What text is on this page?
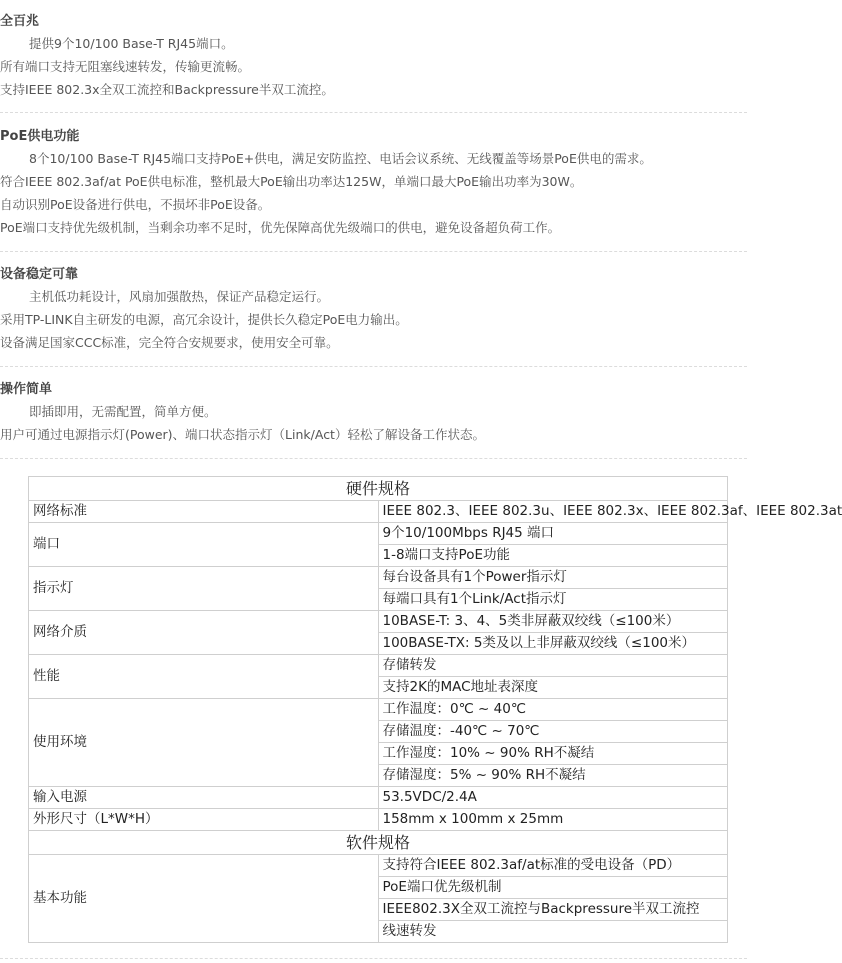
全百兆
提供9个10/100 Base-T RJ45端口。
所有端口支持无阻塞线速转发，传输更流畅。
支持IEEE 802.3x全双工流控和Backpressure半双工流控。
PoE供电功能
8个10/100 Base-T RJ45端口支持PoE+供电，满足安防监控、电话会议系统、无线覆盖等场景PoE供电的需求。
符合IEEE 802.3af/at PoE供电标准，整机最大PoE输出功率达125W，单端口最大PoE输出功率为30W。
自动识别PoE设备进行供电，不损坏非PoE设备。
PoE端口支持优先级机制，当剩余功率不足时，优先保障高优先级端口的供电，避免设备超负荷工作。
设备稳定可靠
主机低功耗设计，风扇加强散热，保证产品稳定运行。
采用TP-LINK自主研发的电源，高冗余设计，提供长久稳定PoE电力输出。
设备满足国家CCC标准，完全符合安规要求，使用安全可靠。
操作简单
即插即用，无需配置，简单方便。
用户可通过电源指示灯(Power)、端口状态指示灯（Link/Act）轻松了解设备工作状态。
硬件规格	
网络标准	IEEE 802.3、IEEE 802.3u、IEEE 802.3x、IEEE 802.3af、IEEE 802.3at
端口	9个10/100Mbps RJ45 端口
	1-8端口支持PoE功能
指示灯	每台设备具有1个Power指示灯
	每端口具有1个Link/Act指示灯
网络介质	10BASE-T: 3、4、5类非屏蔽双绞线（≤100米）
	100BASE-TX: 5类及以上非屏蔽双绞线（≤100米）
性能	存储转发
	支持2K的MAC地址表深度
使用环境	工作温度：0℃ ~ 40℃
	存储温度：-40℃ ~ 70℃
	工作湿度：10% ~ 90% RH不凝结
	存储湿度：5% ~ 90% RH不凝结
输入电源	53.5VDC/2.4A
外形尺寸（L*W*H）	158mm x 100mm x 25mm
软件规格	
基本功能	支持符合IEEE 802.3af/at标准的受电设备（PD）
	PoE端口优先级机制
	IEEE802.3X全双工流控与Backpressure半双工流控
	线速转发
